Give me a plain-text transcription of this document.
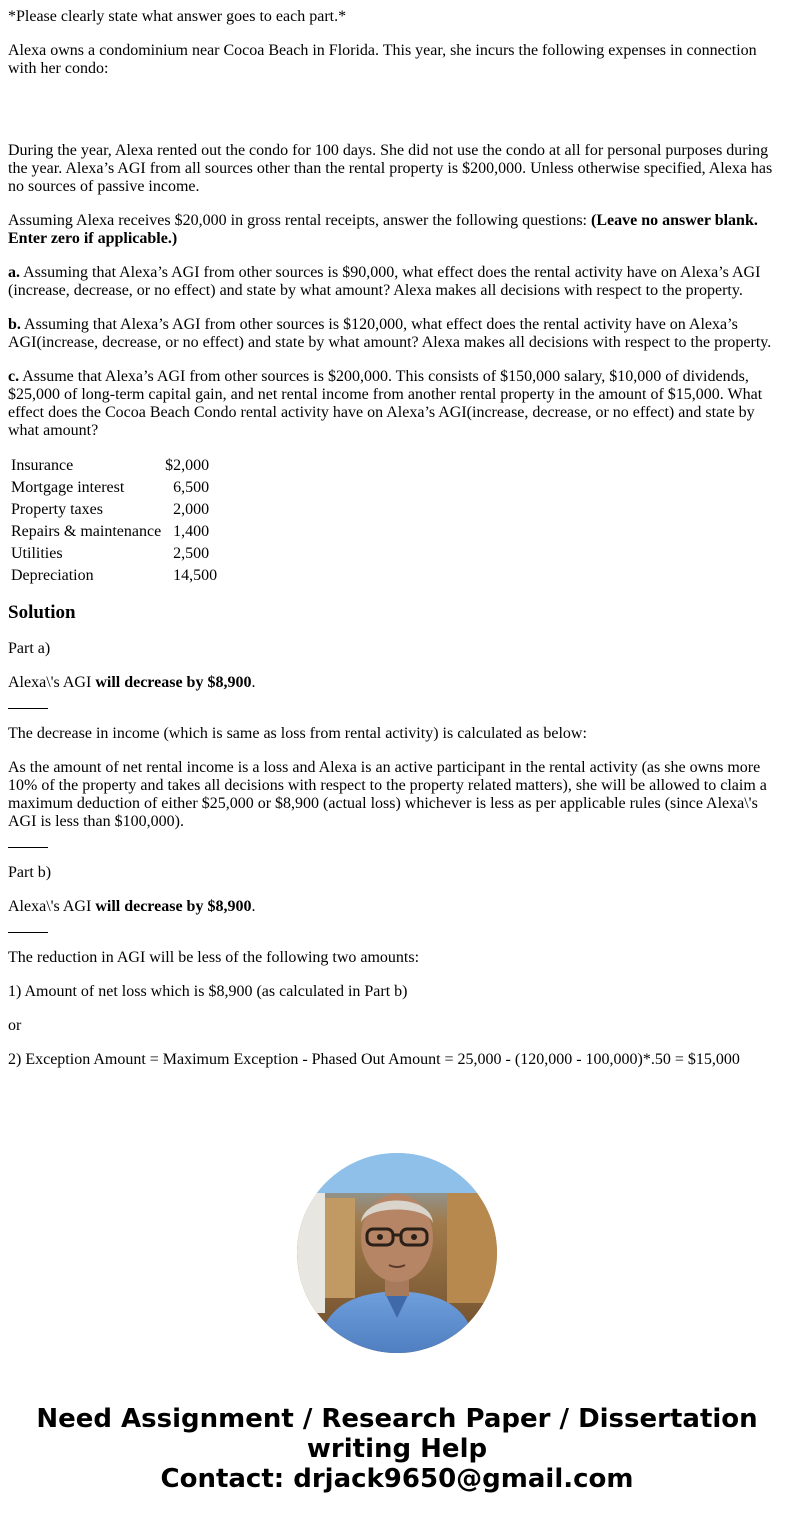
*Please clearly state what answer goes to each part.*

Alexa owns a condominium near Cocoa Beach in Florida. This year, she incurs the following expenses in connection with her condo:

During the year, Alexa rented out the condo for 100 days. She did not use the condo at all for personal purposes during the year. Alexa’s AGI from all sources other than the rental property is $200,000. Unless otherwise specified, Alexa has no sources of passive income.

Assuming Alexa receives $20,000 in gross rental receipts, answer the following questions: (Leave no answer blank. Enter zero if applicable.)

a. Assuming that Alexa’s AGI from other sources is $90,000, what effect does the rental activity have on Alexa’s AGI (increase, decrease, or no effect) and state by what amount? Alexa makes all decisions with respect to the property.

b. Assuming that Alexa’s AGI from other sources is $120,000, what effect does the rental activity have on Alexa’s AGI(increase, decrease, or no effect) and state by what amount? Alexa makes all decisions with respect to the property.

c. Assume that Alexa’s AGI from other sources is $200,000. This consists of $150,000 salary, $10,000 of dividends, $25,000 of long-term capital gain, and net rental income from another rental property in the amount of $15,000. What effect does the Cocoa Beach Condo rental activity have on Alexa’s AGI(increase, decrease, or no effect) and state by what amount?

Insurance	$2,000
Mortgage interest	6,500
Property taxes	2,000
Repairs & maintenance	1,400
Utilities	2,500
Depreciation	14,500
Solution

Part a)

Alexa\'s AGI will decrease by $8,900.

The decrease in income (which is same as loss from rental activity) is calculated as below:

As the amount of net rental income is a loss and Alexa is an active participant in the rental activity (as she owns more 10% of the property and takes all decisions with respect to the property related matters), she will be allowed to claim a maximum deduction of either $25,000 or $8,900 (actual loss) whichever is less as per applicable rules (since Alexa\'s AGI is less than $100,000).

Part b)

Alexa\'s AGI will decrease by $8,900.

The reduction in AGI will be less of the following two amounts:

1) Amount of net loss which is $8,900 (as calculated in Part b)

or

2) Exception Amount = Maximum Exception - Phased Out Amount = 25,000 - (120,000 - 100,000)*.50 = $15,000

Need Assignment / Research Paper / Dissertation
writing Help
Contact: drjack9650@gmail.com
